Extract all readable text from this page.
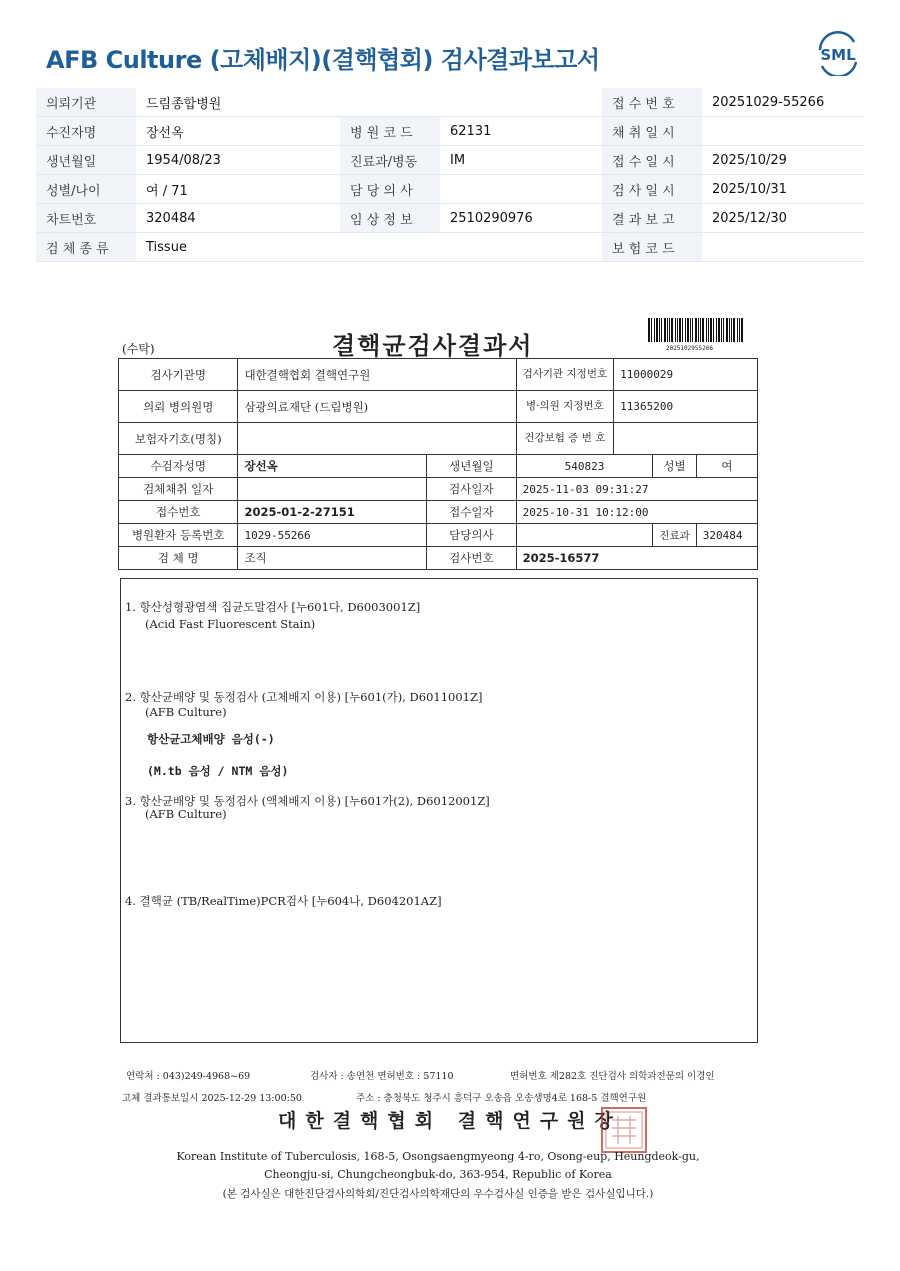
AFB Culture (고체배지)(결핵협회) 검사결과보고서	SML
의뢰기관	드림종합병원			접 수 번 호	20251029-55266
수진자명	장선옥	병 원 코 드	62131	채 취 일 시	
생년월일	1954/08/23	진료과/병동	IM	접 수 일 시	2025/10/29
성별/나이	여 / 71	담 당 의 사		검 사 일 시	2025/10/31
차트번호	320484	임 상 정 보	2510290976	결 과 보 고	2025/12/30
검 체 종 류	Tissue			보 험 코 드	
(수탁)	결핵균검사결과서	2025102955266
검사기관명	대한결핵협회 결핵연구원		검사기관 지정번호	11000029		
의뢰 병의원명	삼광의료재단 (드림병원)		병·의원 지정번호	11365200		
보험자기호(명칭)			건강보험 증 번 호			
수검자성명	장선옥	생년월일	540823		성별	여
검체채취 일자		검사일자	2025-11-03 09:31:27			
접수번호	2025-01-2-27151	접수일자	2025-10-31 10:12:00			
병원환자 등록번호	1029-55266	담당의사			진료과	320484
검 체 명	조직	검사번호	2025-16577			
1. 항산성형광염색 집균도말검사 [누601다, D6003001Z]
(Acid Fast Fluorescent Stain)
2. 항산균배양 및 동정검사 (고체배지 이용) [누601(가), D6011001Z]
(AFB Culture)
항산균고체배양 음성(-)
(M.tb 음성 / NTM 음성)
3. 항산균배양 및 동정검사 (액체배지 이용) [누601가(2), D6012001Z]
(AFB Culture)
4. 결핵균 (TB/RealTime)PCR검사 [누604나, D604201AZ]
연락처 : 043)249-4968~69	검사자 : 송연천 면허번호 : 57110	면허번호 제282호 진단검사 의학과전문의 이경인
고체 결과통보일시 2025-12-29 13:00:50	주소 : 충청북도 청주시 흥덕구 오송읍 오송생명4로 168-5 결핵연구원
대한결핵협회 결핵연구원장
Korean Institute of Tuberculosis, 168-5, Osongsaengmyeong 4-ro, Osong-eup, Heungdeok-gu,
Cheongju-si, Chungcheongbuk-do, 363-954, Republic of Korea
(본 검사실은 대한진단검사의학회/진단검사의학재단의 우수검사실 인증을 받은 검사실입니다.)
